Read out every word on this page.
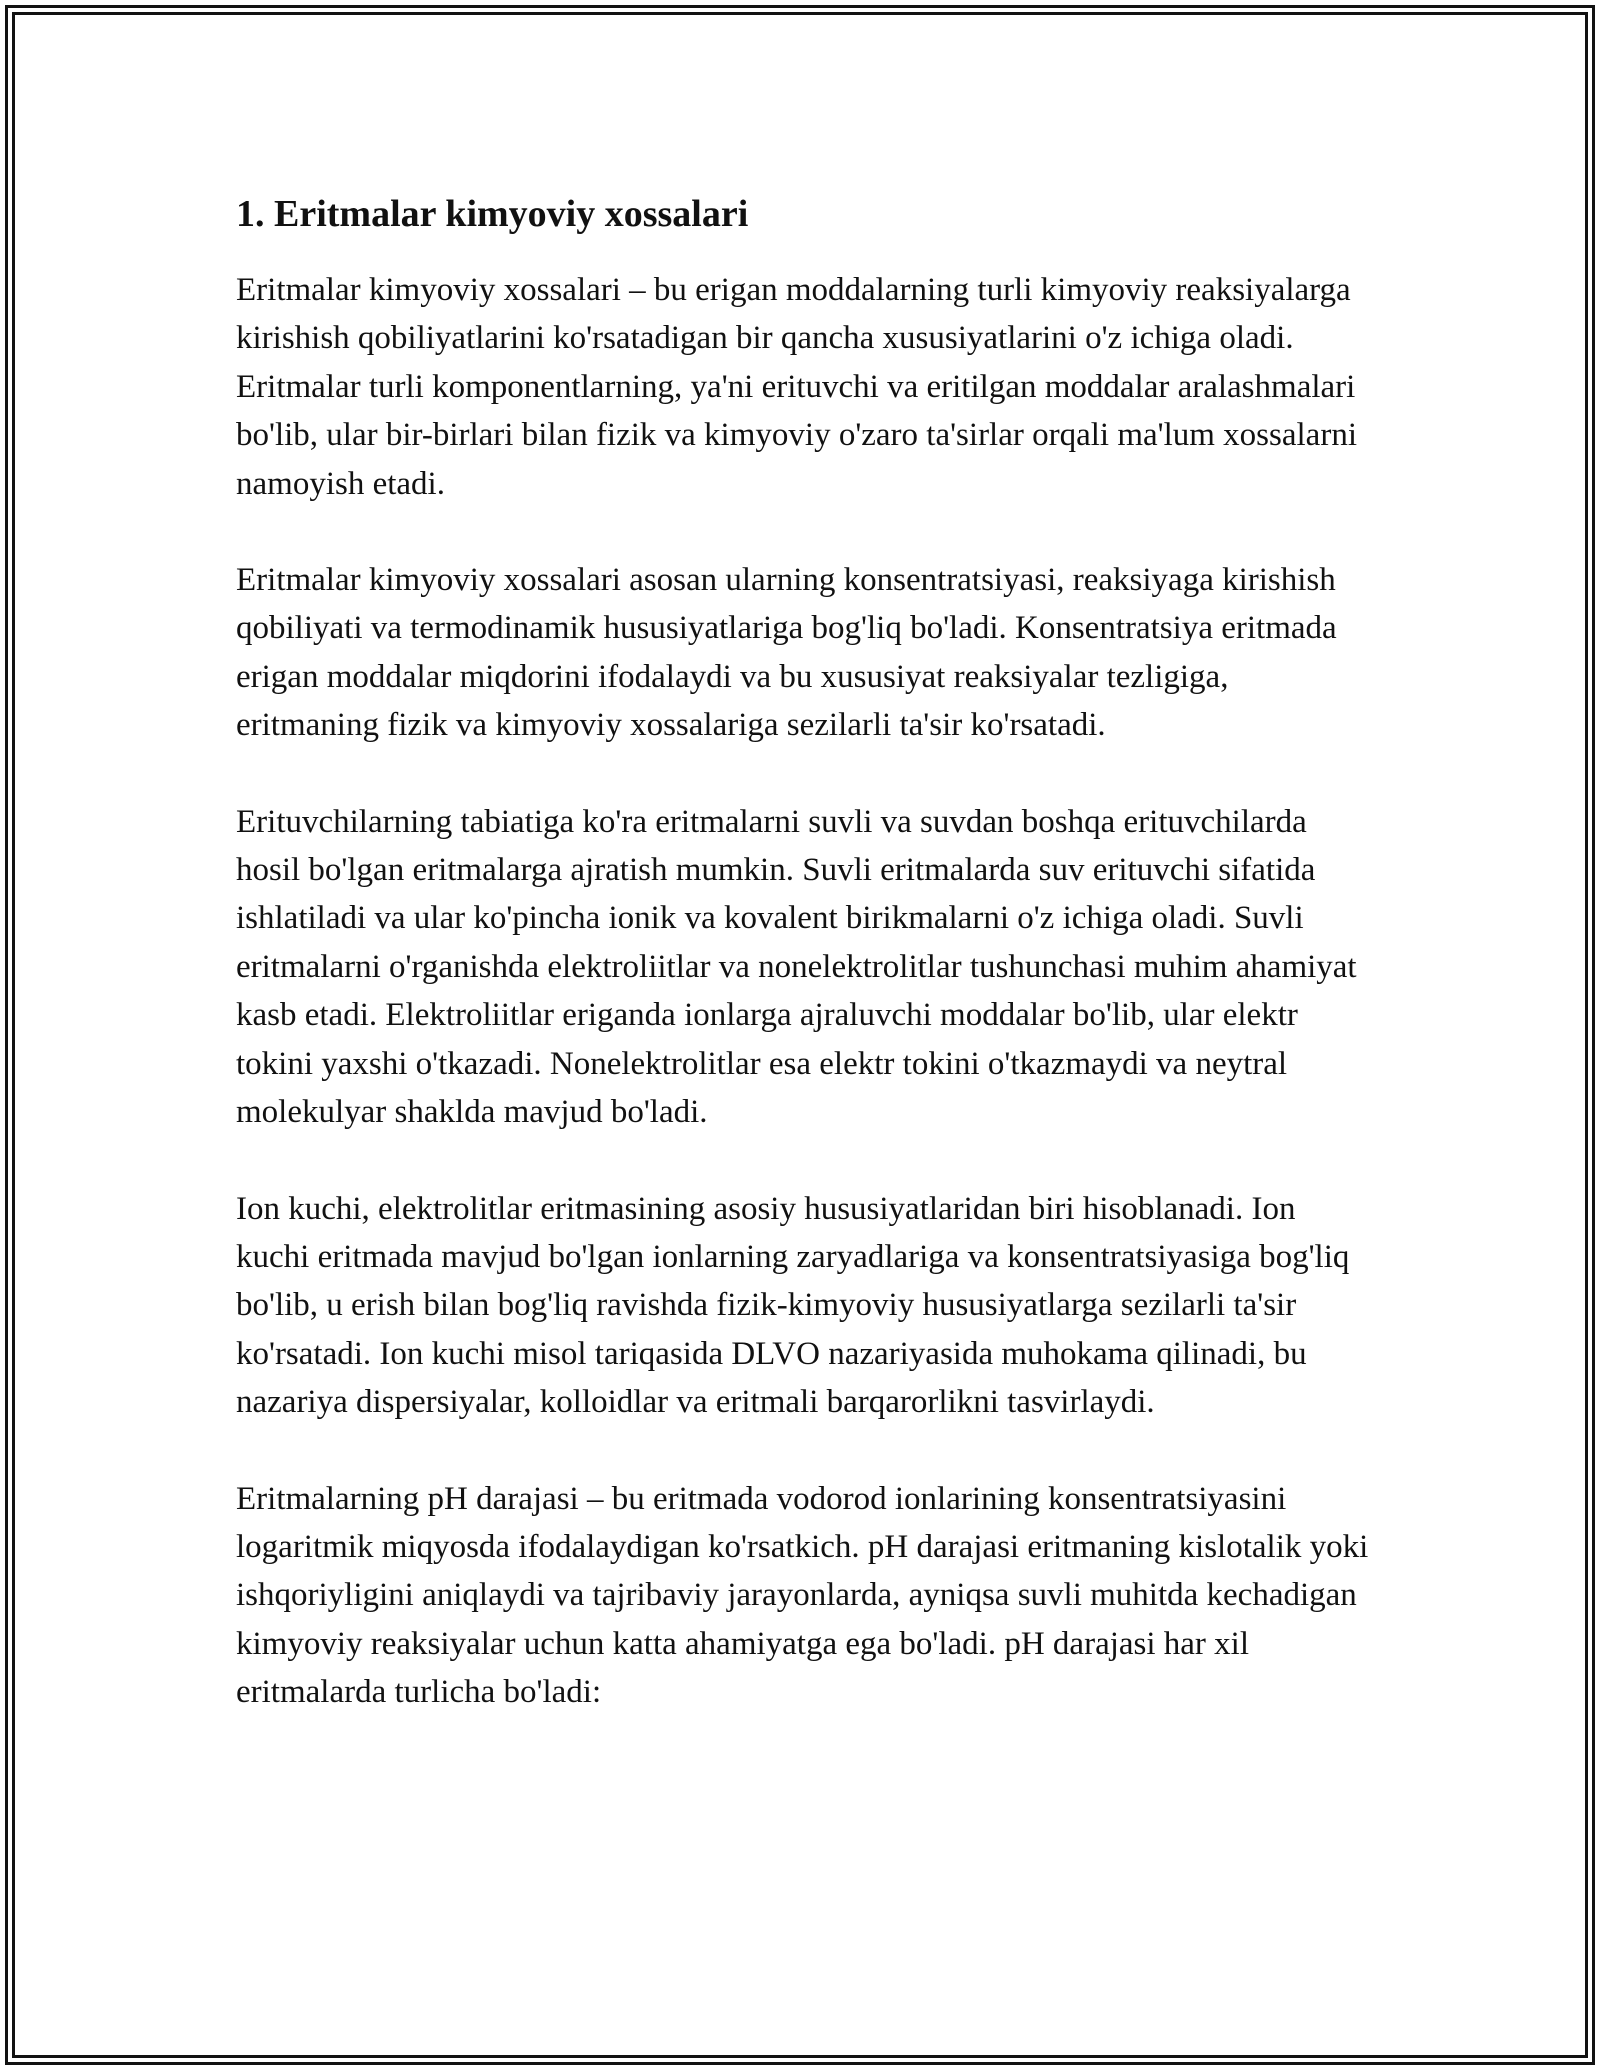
1. Eritmalar kimyoviy xossalari

Eritmalar kimyoviy xossalari – bu erigan moddalarning turli kimyoviy reaksiyalarga kirishish qobiliyatlarini ko'rsatadigan bir qancha xususiyatlarini o'z ichiga oladi. Eritmalar turli komponentlarning, ya'ni erituvchi va eritilgan moddalar aralashmalari bo'lib, ular bir-birlari bilan fizik va kimyoviy o'zaro ta'sirlar orqali ma'lum xossalarni namoyish etadi.

Eritmalar kimyoviy xossalari asosan ularning konsentratsiyasi, reaksiyaga kirishish qobiliyati va termodinamik hususiyatlariga bog'liq bo'ladi. Konsentratsiya eritmada erigan moddalar miqdorini ifodalaydi va bu xususiyat reaksiyalar tezligiga, eritmaning fizik va kimyoviy xossalariga sezilarli ta'sir ko'rsatadi.

Erituvchilarning tabiatiga ko'ra eritmalarni suvli va suvdan boshqa erituvchilarda hosil bo'lgan eritmalarga ajratish mumkin. Suvli eritmalarda suv erituvchi sifatida ishlatiladi va ular ko'pincha ionik va kovalent birikmalarni o'z ichiga oladi. Suvli eritmalarni o'rganishda elektroliitlar va nonelektrolitlar tushunchasi muhim ahamiyat kasb etadi. Elektroliitlar eriganda ionlarga ajraluvchi moddalar bo'lib, ular elektr tokini yaxshi o'tkazadi. Nonelektrolitlar esa elektr tokini o'tkazmaydi va neytral molekulyar shaklda mavjud bo'ladi.

Ion kuchi, elektrolitlar eritmasining asosiy hususiyatlaridan biri hisoblanadi. Ion kuchi eritmada mavjud bo'lgan ionlarning zaryadlariga va konsentratsiyasiga bog'liq bo'lib, u erish bilan bog'liq ravishda fizik-kimyoviy hususiyatlarga sezilarli ta'sir ko'rsatadi. Ion kuchi misol tariqasida DLVO nazariyasida muhokama qilinadi, bu nazariya dispersiyalar, kolloidlar va eritmali barqarorlikni tasvirlaydi.

Eritmalarning pH darajasi – bu eritmada vodorod ionlarining konsentratsiyasini logaritmik miqyosda ifodalaydigan ko'rsatkich. pH darajasi eritmaning kislotalik yoki ishqoriyligini aniqlaydi va tajribaviy jarayonlarda, ayniqsa suvli muhitda kechadigan kimyoviy reaksiyalar uchun katta ahamiyatga ega bo'ladi. pH darajasi har xil eritmalarda turlicha bo'ladi:
